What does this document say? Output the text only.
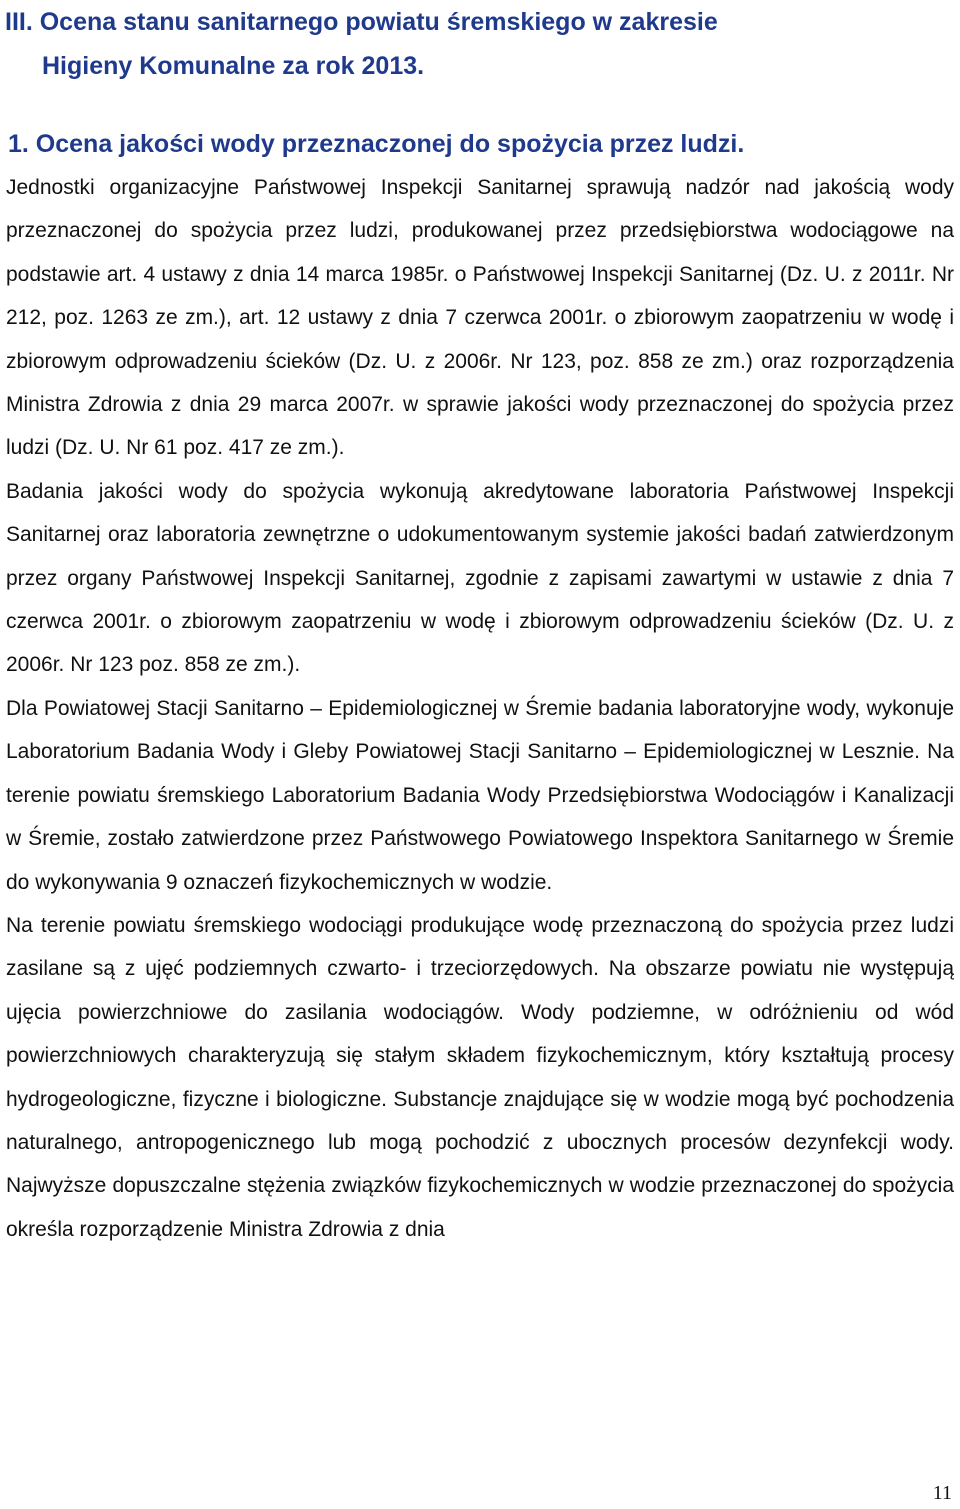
III. Ocena stanu sanitarnego powiatu śremskiego w zakresie

Higieny Komunalne za rok 2013.

1. Ocena jakości wody przeznaczonej do spożycia przez ludzi.

Jednostki organizacyjne Państwowej Inspekcji Sanitarnej sprawują nadzór nad jakością wody przeznaczonej do spożycia przez ludzi, produkowanej przez przedsiębiorstwa wodociągowe na podstawie art. 4 ustawy z dnia 14 marca 1985r. o Państwowej Inspekcji Sanitarnej (Dz. U. z 2011r. Nr 212, poz. 1263 ze zm.), art. 12 ustawy z dnia 7 czerwca 2001r. o zbiorowym zaopatrzeniu w wodę i zbiorowym odprowadzeniu ścieków (Dz. U. z 2006r. Nr 123, poz. 858 ze zm.) oraz rozporządzenia Ministra Zdrowia z dnia 29 marca 2007r. w sprawie jakości wody przeznaczonej do spożycia przez ludzi (Dz. U. Nr 61 poz. 417 ze zm.).

Badania jakości wody do spożycia wykonują akredytowane laboratoria Państwowej Inspekcji Sanitarnej oraz laboratoria zewnętrzne o udokumentowanym systemie jakości badań zatwierdzonym przez organy Państwowej Inspekcji Sanitarnej, zgodnie z zapisami zawartymi w ustawie z dnia 7 czerwca 2001r. o zbiorowym zaopatrzeniu w wodę i zbiorowym odprowadzeniu ścieków (Dz. U. z 2006r. Nr 123 poz. 858 ze zm.).

Dla Powiatowej Stacji Sanitarno – Epidemiologicznej w Śremie badania laboratoryjne wody, wykonuje Laboratorium Badania Wody i Gleby Powiatowej Stacji Sanitarno – Epidemiologicznej w Lesznie. Na terenie powiatu śremskiego Laboratorium Badania Wody Przedsiębiorstwa Wodociągów i Kanalizacji w Śremie, zostało zatwierdzone przez Państwowego Powiatowego Inspektora Sanitarnego w Śremie do wykonywania 9 oznaczeń fizykochemicznych w wodzie.

Na terenie powiatu śremskiego wodociągi produkujące wodę przeznaczoną do spożycia przez ludzi zasilane są z ujęć podziemnych czwarto- i trzeciorzędowych. Na obszarze powiatu nie występują ujęcia powierzchniowe do zasilania wodociągów. Wody podziemne, w odróżnieniu od wód powierzchniowych charakteryzują się stałym składem fizykochemicznym, który kształtują procesy hydrogeologiczne, fizyczne i biologiczne. Substancje znajdujące się w wodzie mogą być pochodzenia naturalnego, antropogenicznego lub mogą pochodzić z ubocznych procesów dezynfekcji wody. Najwyższe dopuszczalne stężenia związków fizykochemicznych w wodzie przeznaczonej do spożycia określa rozporządzenie Ministra Zdrowia z dnia

11
